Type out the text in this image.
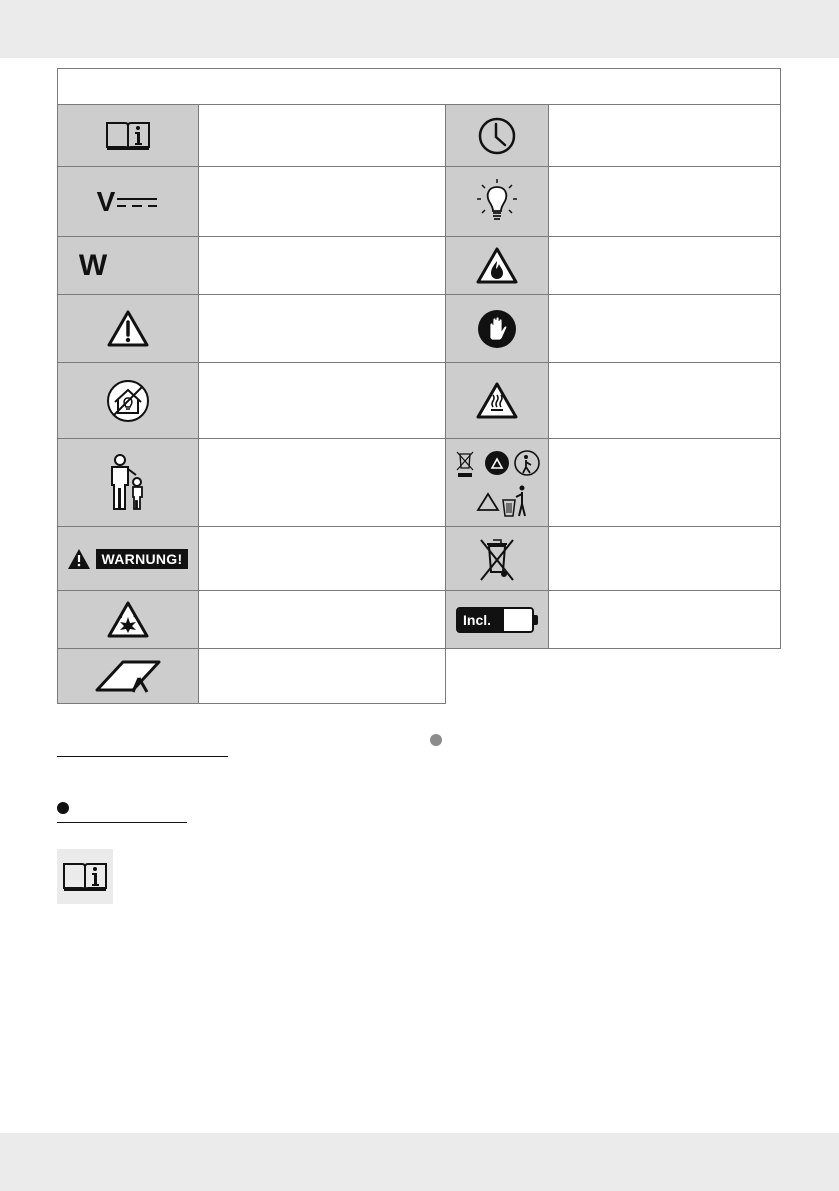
V
W
WARNUNG!
Incl.
